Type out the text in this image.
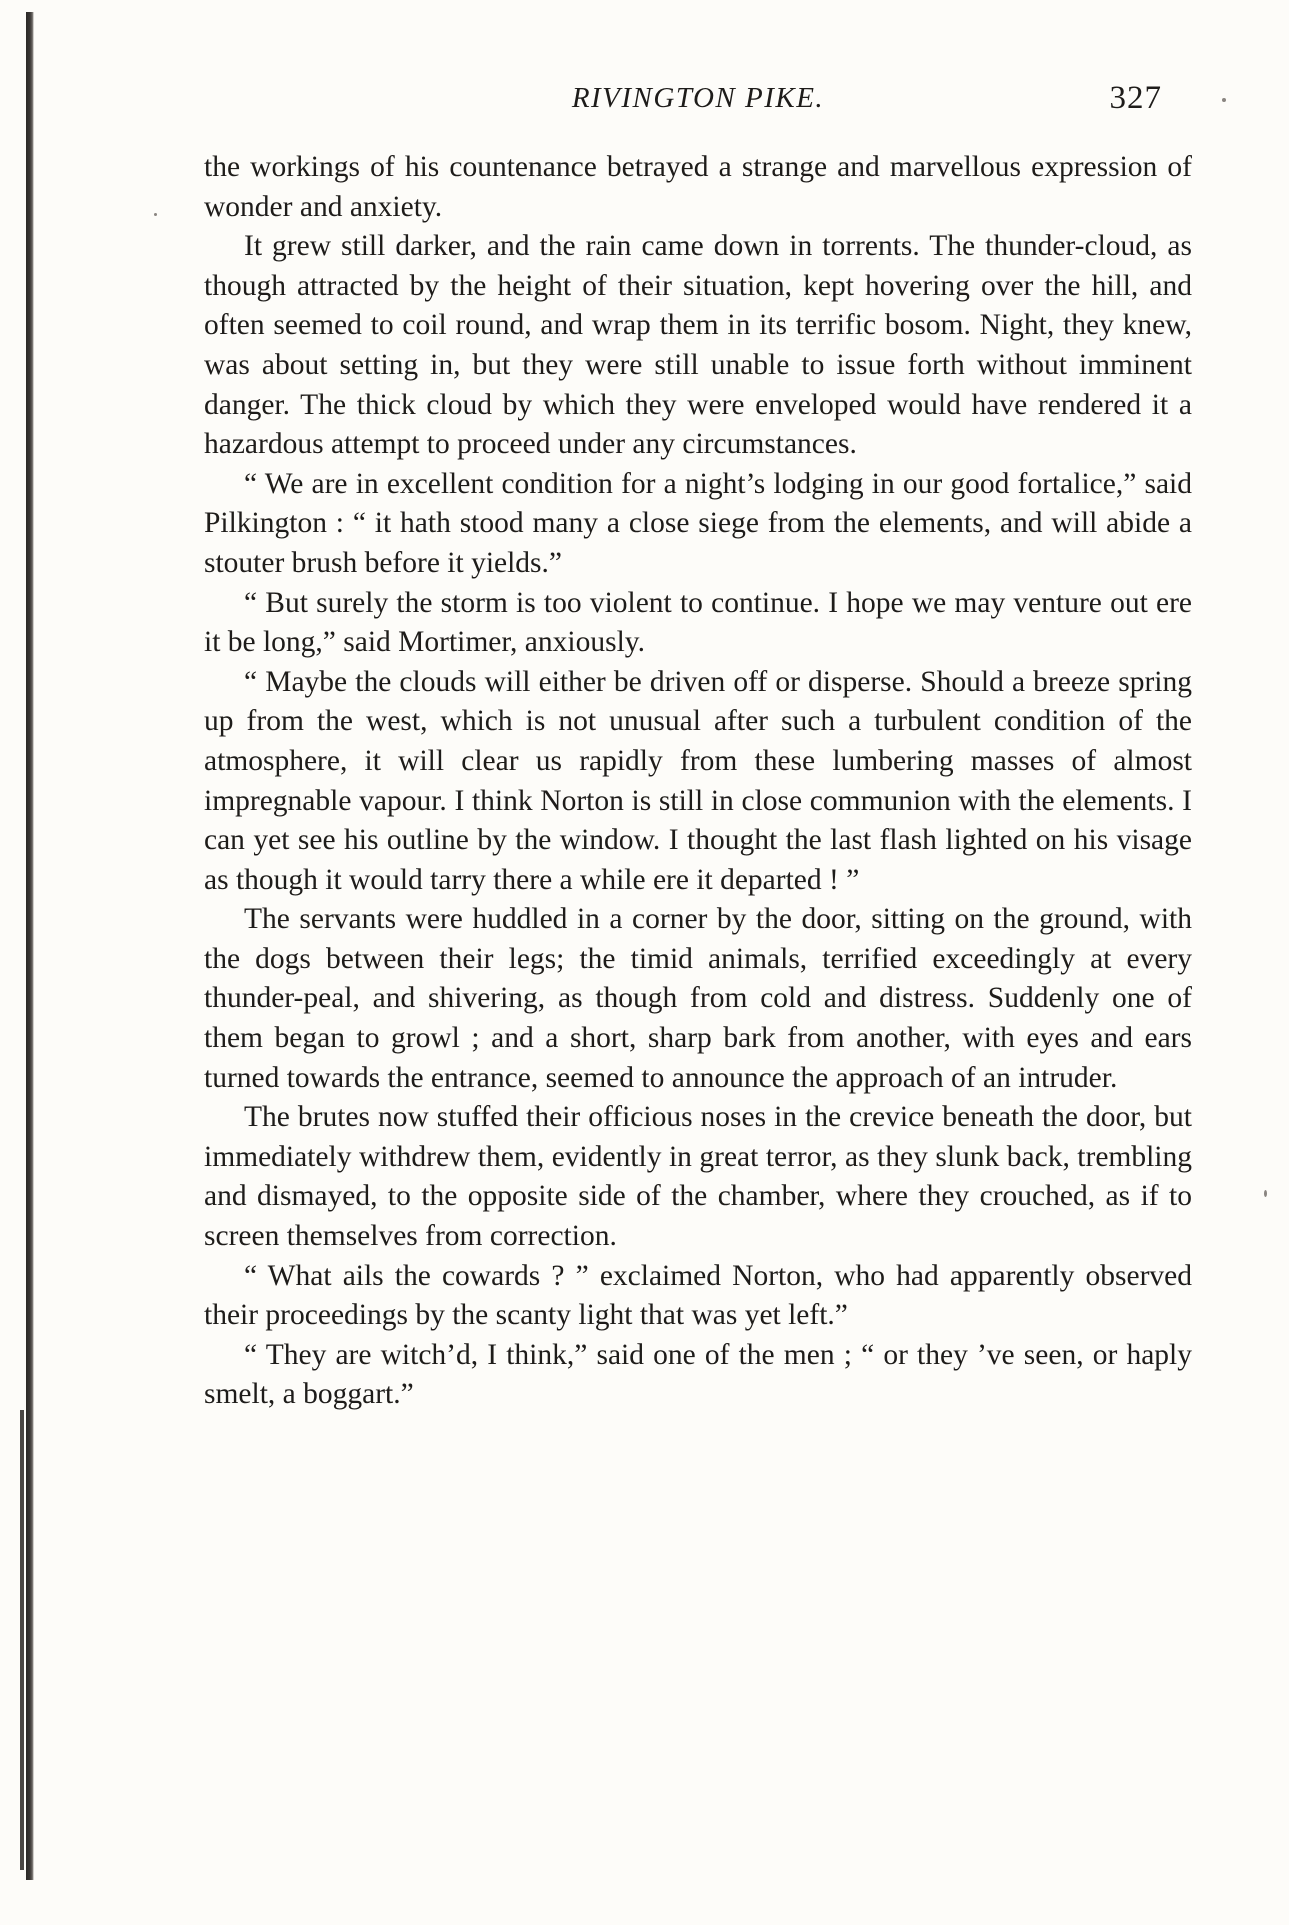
RIVINGTON PIKE.	327

the workings of his countenance betrayed a strange and marvellous expression of wonder and anxiety.

It grew still darker, and the rain came down in torrents. The thunder-cloud, as though attracted by the height of their situation, kept hovering over the hill, and often seemed to coil round, and wrap them in its terrific bosom. Night, they knew, was about setting in, but they were still unable to issue forth without imminent danger. The thick cloud by which they were enveloped would have rendered it a hazardous attempt to proceed under any circumstances.

“ We are in excellent condition for a night’s lodging in our good fortalice,” said Pilkington : “ it hath stood many a close siege from the elements, and will abide a stouter brush before it yields.”

“ But surely the storm is too violent to continue. I hope we may venture out ere it be long,” said Mortimer, anxiously.

“ Maybe the clouds will either be driven off or disperse. Should a breeze spring up from the west, which is not unusual after such a turbulent condition of the atmosphere, it will clear us rapidly from these lumbering masses of almost impregnable vapour. I think Norton is still in close communion with the elements. I can yet see his outline by the window. I thought the last flash lighted on his visage as though it would tarry there a while ere it departed ! ”

The servants were huddled in a corner by the door, sitting on the ground, with the dogs between their legs; the timid animals, terrified exceedingly at every thunder-peal, and shivering, as though from cold and distress. Suddenly one of them began to growl ; and a short, sharp bark from another, with eyes and ears turned towards the entrance, seemed to announce the approach of an intruder.

The brutes now stuffed their officious noses in the crevice beneath the door, but immediately withdrew them, evidently in great terror, as they slunk back, trembling and dismayed, to the opposite side of the chamber, where they crouched, as if to screen themselves from correction.

“ What ails the cowards ? ” exclaimed Norton, who had apparently observed their proceedings by the scanty light that was yet left.”

“ They are witch’d, I think,” said one of the men ; “ or they ’ve seen, or haply smelt, a boggart.”
